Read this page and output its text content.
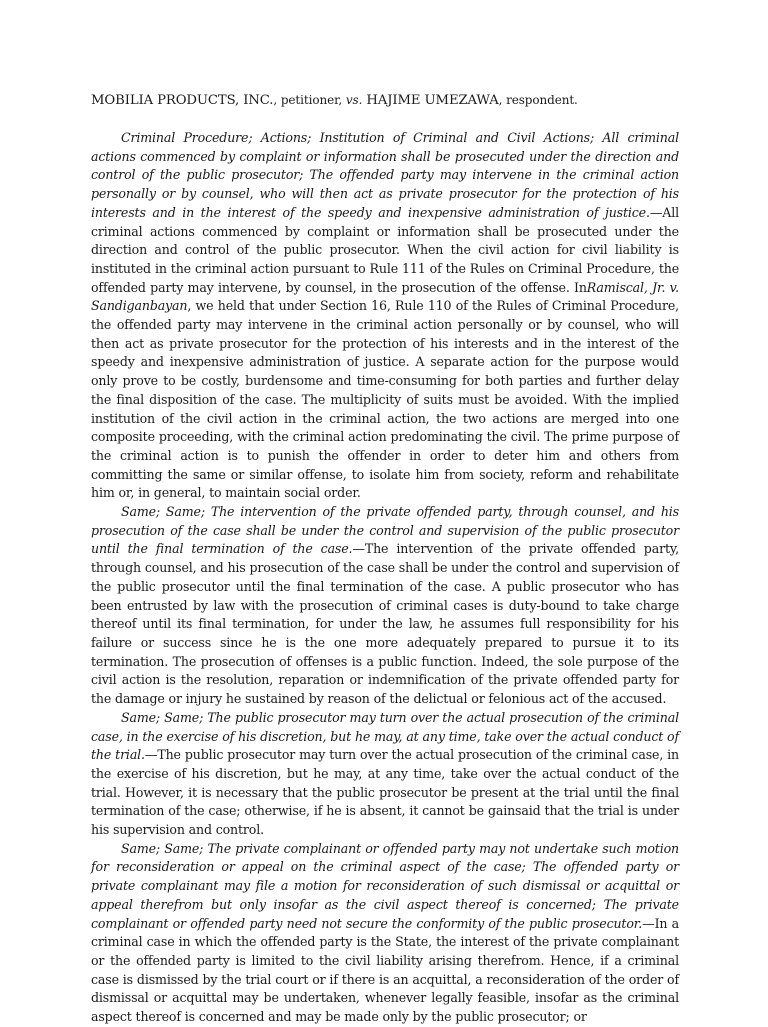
MOBILIA PRODUCTS, INC., petitioner, vs. HAJIME UMEZAWA, respondent.

Criminal Procedure; Actions; Institution of Criminal and Civil Actions; All criminal actions commenced by complaint or information shall be prosecuted under the direction and control of the public prosecutor; The offended party may intervene in the criminal action personally or by counsel, who will then act as private prosecutor for the protection of his interests and in the interest of the speedy and inexpensive administration of justice.—All criminal actions commenced by complaint or information shall be prosecuted under the direction and control of the public prosecutor. When the civil action for civil liability is instituted in the criminal action pursuant to Rule 111 of the Rules on Criminal Procedure, the offended party may intervene, by counsel, in the prosecution of the offense. InRamiscal, Jr. v. Sandiganbayan, we held that under Section 16, Rule 110 of the Rules of Criminal Procedure, the offended party may intervene in the criminal action personally or by counsel, who will then act as private prosecutor for the protection of his interests and in the interest of the speedy and inexpensive administration of justice. A separate action for the purpose would only prove to be costly, burdensome and time-consuming for both parties and further delay the final disposition of the case. The multiplicity of suits must be avoided. With the implied institution of the civil action in the criminal action, the two actions are merged into one composite proceeding, with the criminal action predominating the civil. The prime purpose of the criminal action is to punish the offender in order to deter him and others from committing the same or similar offense, to isolate him from society, reform and rehabilitate him or, in general, to maintain social order.

Same; Same; The intervention of the private offended party, through counsel, and his prosecution of the case shall be under the control and supervision of the public prosecutor until the final termination of the case.—The intervention of the private offended party, through counsel, and his prosecution of the case shall be under the control and supervision of the public prosecutor until the final termination of the case. A public prosecutor who has been entrusted by law with the prosecution of criminal cases is duty-bound to take charge thereof until its final termination, for under the law, he assumes full responsibility for his failure or success since he is the one more adequately prepared to pursue it to its termination. The prosecution of offenses is a public function. Indeed, the sole purpose of the civil action is the resolution, reparation or indemnification of the private offended party for the damage or injury he sustained by reason of the delictual or felonious act of the accused.

Same; Same; The public prosecutor may turn over the actual prosecution of the criminal case, in the exercise of his discretion, but he may, at any time, take over the actual conduct of the trial.—The public prosecutor may turn over the actual prosecution of the criminal case, in the exercise of his discretion, but he may, at any time, take over the actual conduct of the trial. However, it is necessary that the public prosecutor be present at the trial until the final termination of the case; otherwise, if he is absent, it cannot be gainsaid that the trial is under his supervision and control.

Same; Same; The private complainant or offended party may not undertake such motion for reconsideration or appeal on the criminal aspect of the case; The offended party or private complainant may file a motion for reconsideration of such dismissal or acquittal or appeal therefrom but only insofar as the civil aspect thereof is concerned; The private complainant or offended party need not secure the conformity of the public prosecutor.—In a criminal case in which the offended party is the State, the interest of the private complainant or the offended party is limited to the civil liability arising therefrom. Hence, if a criminal case is dismissed by the trial court or if there is an acquittal, a reconsideration of the order of dismissal or acquittal may be undertaken, whenever legally feasible, insofar as the criminal aspect thereof is concerned and may be made only by the public prosecutor; or
